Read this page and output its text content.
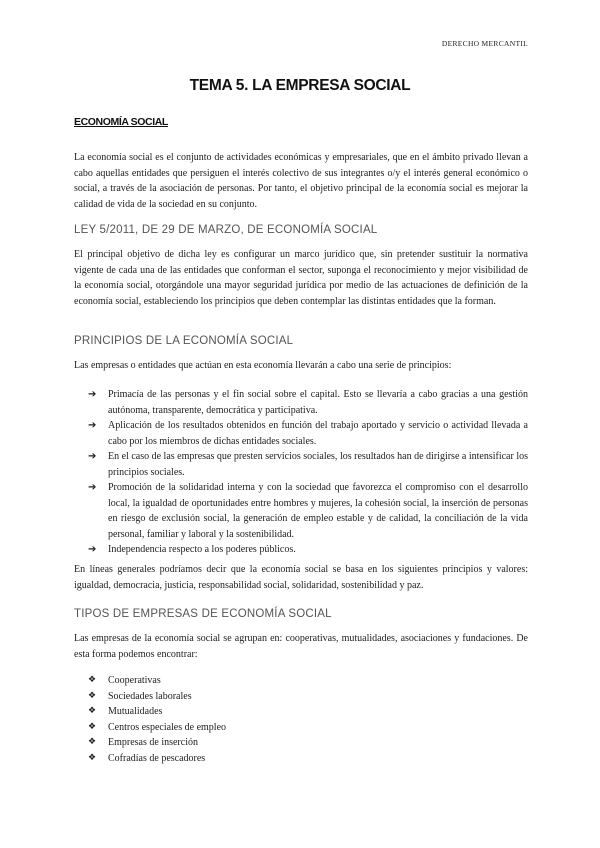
DERECHO MERCANTIL
TEMA 5. LA EMPRESA SOCIAL
ECONOMÍA SOCIAL
La economía social es el conjunto de actividades económicas y empresariales, que en el ámbito privado llevan a cabo aquellas entidades que persiguen el interés colectivo de sus integrantes o/y el interés general económico o social, a través de la asociación de personas. Por tanto, el objetivo principal de la economía social es mejorar la calidad de vida de la sociedad en su conjunto.
LEY 5/2011, DE 29 DE MARZO, DE ECONOMÍA SOCIAL
El principal objetivo de dicha ley es configurar un marco jurídico que, sin pretender sustituir la normativa vigente de cada una de las entidades que conforman el sector, suponga el reconocimiento y mejor visibilidad de la economía social, otorgándole una mayor seguridad jurídica por medio de las actuaciones de definición de la economía social, estableciendo los principios que deben contemplar las distintas entidades que la forman.
PRINCIPIOS DE LA ECONOMÍA SOCIAL
Las empresas o entidades que actúan en esta economía llevarán a cabo una serie de principios:
➔ Primacía de las personas y el fin social sobre el capital. Esto se llevaría a cabo gracias a una gestión autónoma, transparente, democrática y participativa.
➔ Aplicación de los resultados obtenidos en función del trabajo aportado y servicio o actividad llevada a cabo por los miembros de dichas entidades sociales.
➔ En el caso de las empresas que presten servicios sociales, los resultados han de dirigirse a intensificar los principios sociales.
➔ Promoción de la solidaridad interna y con la sociedad que favorezca el compromiso con el desarrollo local, la igualdad de oportunidades entre hombres y mujeres, la cohesión social, la inserción de personas en riesgo de exclusión social, la generación de empleo estable y de calidad, la conciliación de la vida personal, familiar y laboral y la sostenibilidad.
➔ Independencia respecto a los poderes públicos.
En líneas generales podríamos decir que la economía social se basa en los siguientes principios y valores: igualdad, democracia, justicia, responsabilidad social, solidaridad, sostenibilidad y paz.
TIPOS DE EMPRESAS DE ECONOMÍA SOCIAL
Las empresas de la economía social se agrupan en: cooperativas, mutualidades, asociaciones y fundaciones. De esta forma podemos encontrar:
❖ Cooperativas
❖ Sociedades laborales
❖ Mutualidades
❖ Centros especiales de empleo
❖ Empresas de inserción
❖ Cofradías de pescadores
